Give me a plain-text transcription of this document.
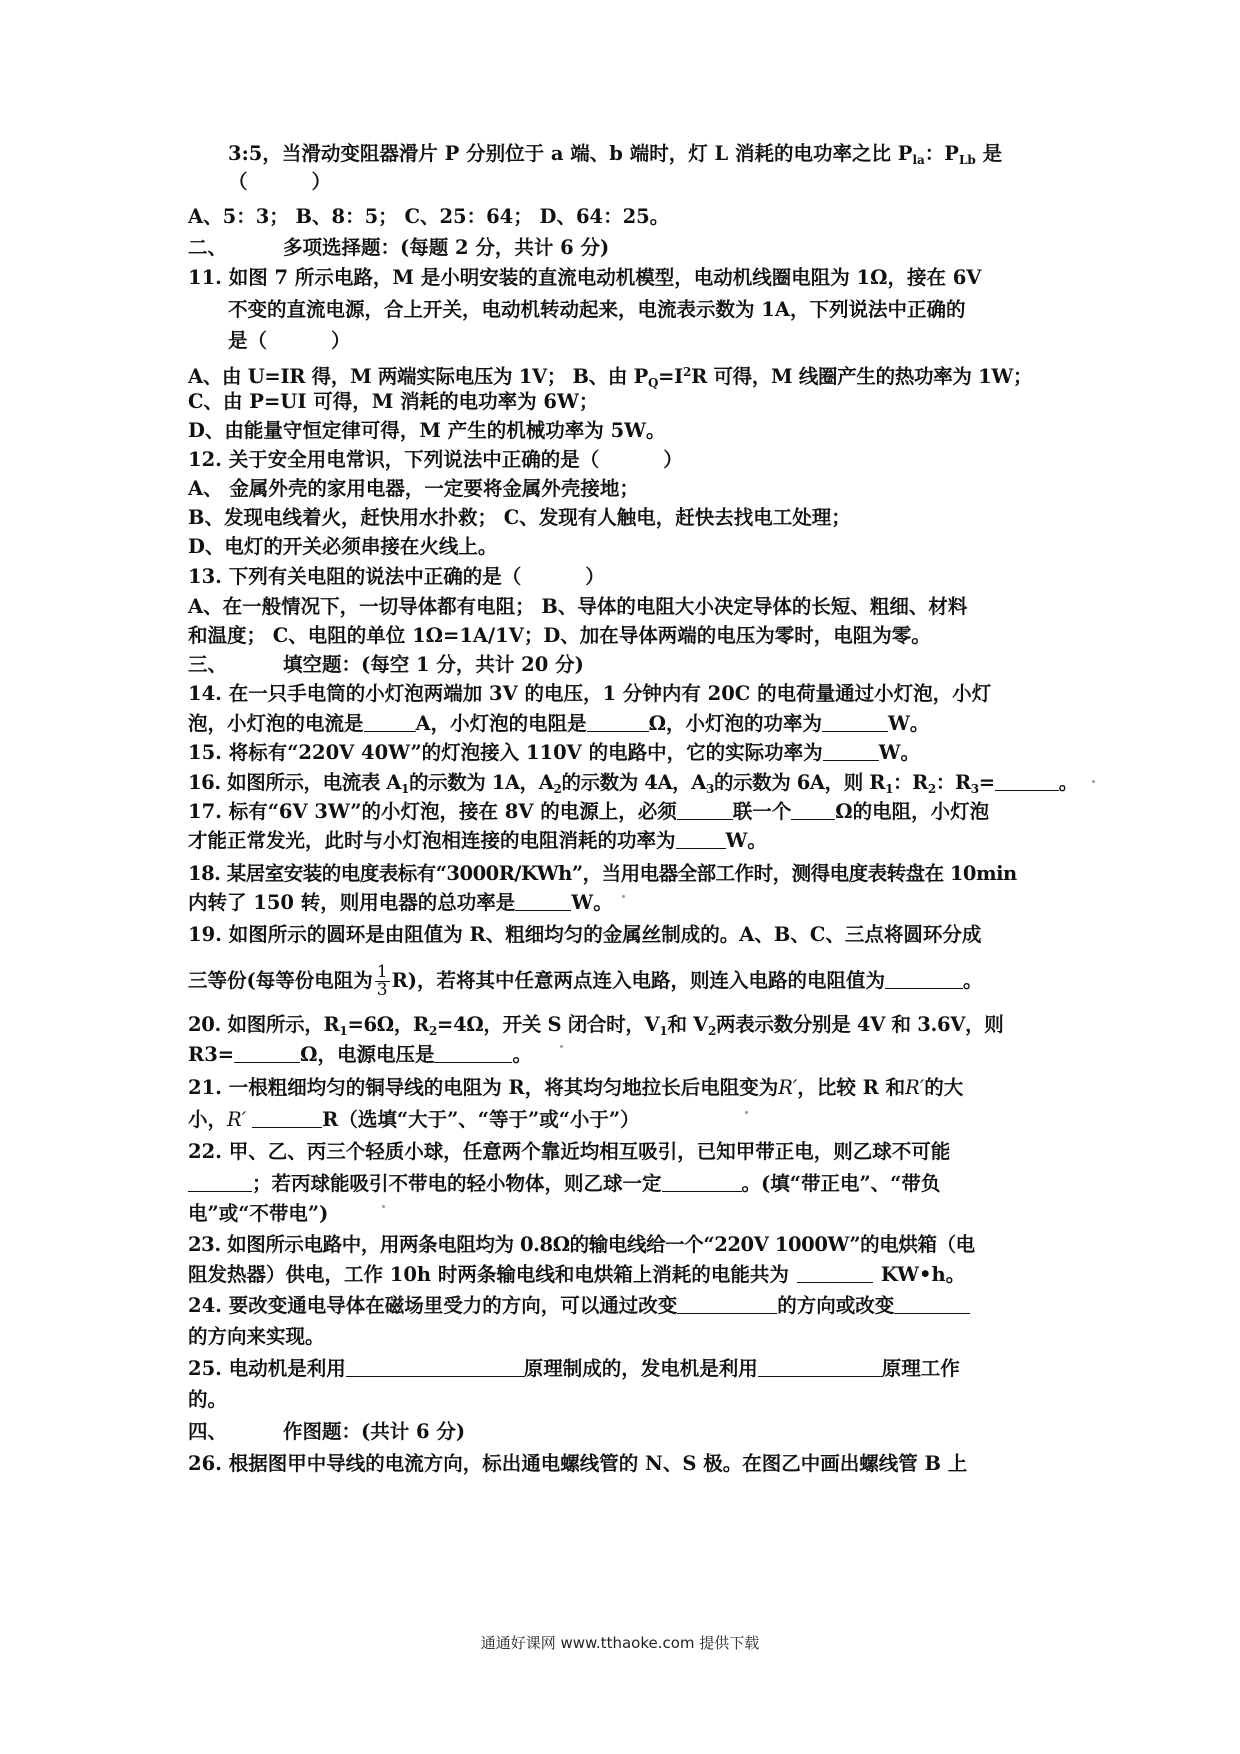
3:5，当滑动变阻器滑片 P 分别位于 a 端、b 端时，灯 L 消耗的电功率之比 $P_{la}$：$P_{Lb}$ 是
（	）
A、5：3； B、8：5； C、25：64； D、64：25。
二、	多项选择题：(每题 2 分，共计 6 分)
11. 如图 7 所示电路，M 是小明安装的直流电动机模型，电动机线圈电阻为 1Ω，接在 6V
不变的直流电源，合上开关，电动机转动起来，电流表示数为 1A，下列说法中正确的
是（	）
A、由 U=IR 得，M 两端实际电压为 1V； B、由 $P_Q=I^2R$ 可得，M 线圈产生的热功率为 1W；
C、由 P=UI 可得，M 消耗的电功率为 6W；
D、由能量守恒定律可得，M 产生的机械功率为 5W。
12. 关于安全用电常识，下列说法中正确的是（	）
A、 金属外壳的家用电器，一定要将金属外壳接地；
B、发现电线着火，赶快用水扑救； C、发现有人触电，赶快去找电工处理；
D、电灯的开关必须串接在火线上。
13. 下列有关电阻的说法中正确的是（	）
A、在一般情况下，一切导体都有电阻； B、导体的电阻大小决定导体的长短、粗细、材料
和温度； C、电阻的单位 1Ω=1A/1V；D、加在导体两端的电压为零时，电阻为零。
三、	填空题：(每空 1 分，共计 20 分)
14. 在一只手电筒的小灯泡两端加 3V 的电压，1 分钟内有 20C 的电荷量通过小灯泡，小灯
泡，小灯泡的电流是	A，小灯泡的电阻是	Ω，小灯泡的功率为	W。
15. 将标有“220V 40W”的灯泡接入 110V 的电路中，它的实际功率为	W。
16. 如图所示，电流表 $A_1$的示数为 1A，$A_2$的示数为 4A，$A_3$的示数为 6A，则 $R_1$：$R_2$：$R_3=$	。
17. 标有“6V 3W”的小灯泡，接在 8V 的电源上，必须	联一个 Ω的电阻，小灯泡
才能正常发光，此时与小灯泡相连接的电阻消耗的功率为	W。
18. 某居室安装的电度表标有“3000R/KWh”，当用电器全部工作时，测得电度表转盘在 10min
内转了 150 转，则用电器的总功率是	W。
19. 如图所示的圆环是由阻值为 R、粗细均匀的金属丝制成的。A、B、C、三点将圆环分成
三等份(每等份电阻为 $\frac{1}{3} R$)，若将其中任意两点连入电路，则连入电路的电阻值为	。
20. 如图所示，$R_1=6\Omega$，$R_2=4\Omega$，开关 S 闭合时，$V_1$和 $V_2$两表示数分别是 4V 和 3.6V，则
R3=	Ω，电源电压是	。
21. 一根粗细均匀的铜导线的电阻为 R，将其均匀地拉长后电阻变为R′，比较 R 和R′的大
小，R′	R（选填“大于”、“等于”或“小于”）
22. 甲、乙、丙三个轻质小球，任意两个靠近均相互吸引，已知甲带正电，则乙球不可能
；若丙球能吸引不带电的轻小物体，则乙球一定	。(填“带正电”、“带负
电”或“不带电”)
23. 如图所示电路中，用两条电阻均为 0.8Ω的输电线给一个“220V 1000W”的电烘箱（电
阻发热器）供电，工作 10h 时两条输电线和电烘箱上消耗的电能共为	KW•h。
24. 要改变通电导体在磁场里受力的方向，可以通过改变	的方向或改变
的方向来实现。
25. 电动机是利用	原理制成的，发电机是利用	原理工作
的。
四、	作图题：(共计 6 分)
26. 根据图甲中导线的电流方向，标出通电螺线管的 N、S 极。在图乙中画出螺线管 B 上
通通好课网 www.tthaoke.com 提供下载
